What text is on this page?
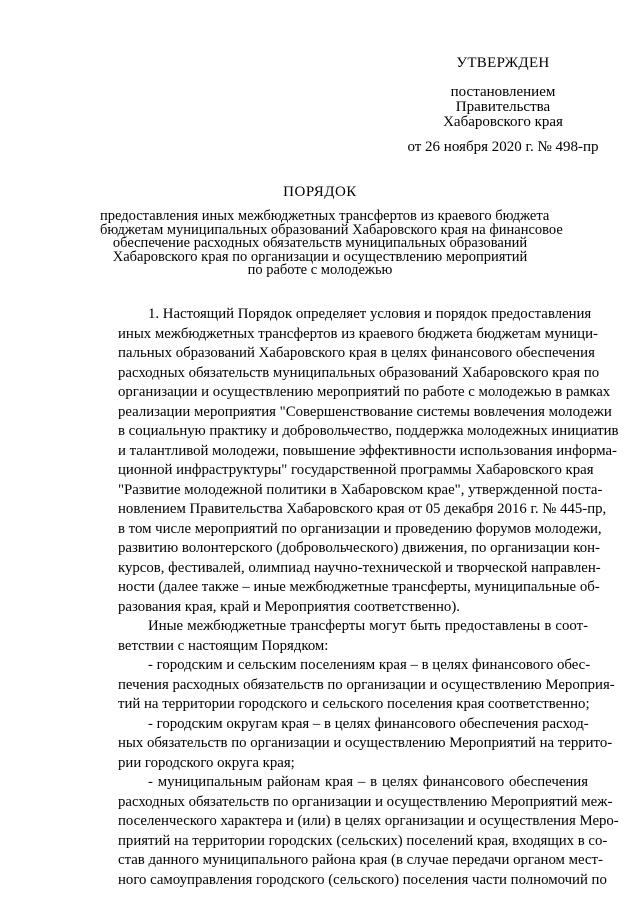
УТВЕРЖДЕН
постановлением
Правительства
Хабаровского края
от 26 ноября 2020 г. № 498-пр
ПОРЯДОК
предоставления иных межбюджетных трансфертов из краевого бюджета
бюджетам муниципальных образований Хабаровского края на финансовое
обеспечение расходных обязательств муниципальных образований
Хабаровского края по организации и осуществлению мероприятий
по работе с молодежью
1. Настоящий Порядок определяет условия и порядок предоставления
иных межбюджетных трансфертов из краевого бюджета бюджетам муници-
пальных образований Хабаровского края в целях финансового обеспечения
расходных обязательств муниципальных образований Хабаровского края по
организации и осуществлению мероприятий по работе с молодежью в рамках
реализации мероприятия "Совершенствование системы вовлечения молодежи
в социальную практику и добровольчество, поддержка молодежных инициатив
и талантливой молодежи, повышение эффективности использования информа-
ционной инфраструктуры" государственной программы Хабаровского края
"Развитие молодежной политики в Хабаровском крае", утвержденной поста-
новлением Правительства Хабаровского края от 05 декабря 2016 г. № 445-пр,
в том числе мероприятий по организации и проведению форумов молодежи,
развитию волонтерского (добровольческого) движения, по организации кон-
курсов, фестивалей, олимпиад научно-технической и творческой направлен-
ности (далее также – иные межбюджетные трансферты, муниципальные об-
разования края, край и Мероприятия соответственно).
Иные межбюджетные трансферты могут быть предоставлены в соот-
ветствии с настоящим Порядком:
- городским и сельским поселениям края – в целях финансового обес-
печения расходных обязательств по организации и осуществлению Мероприя-
тий на территории городского и сельского поселения края соответственно;
- городским округам края – в целях финансового обеспечения расход-
ных обязательств по организации и осуществлению Мероприятий на террито-
рии городского округа края;
- муниципальным районам края – в целях финансового обеспечения
расходных обязательств по организации и осуществлению Мероприятий меж-
поселенческого характера и (или) в целях организации и осуществления Меро-
приятий на территории городских (сельских) поселений края, входящих в со-
став данного муниципального района края (в случае передачи органом мест-
ного самоуправления городского (сельского) поселения части полномочий по
